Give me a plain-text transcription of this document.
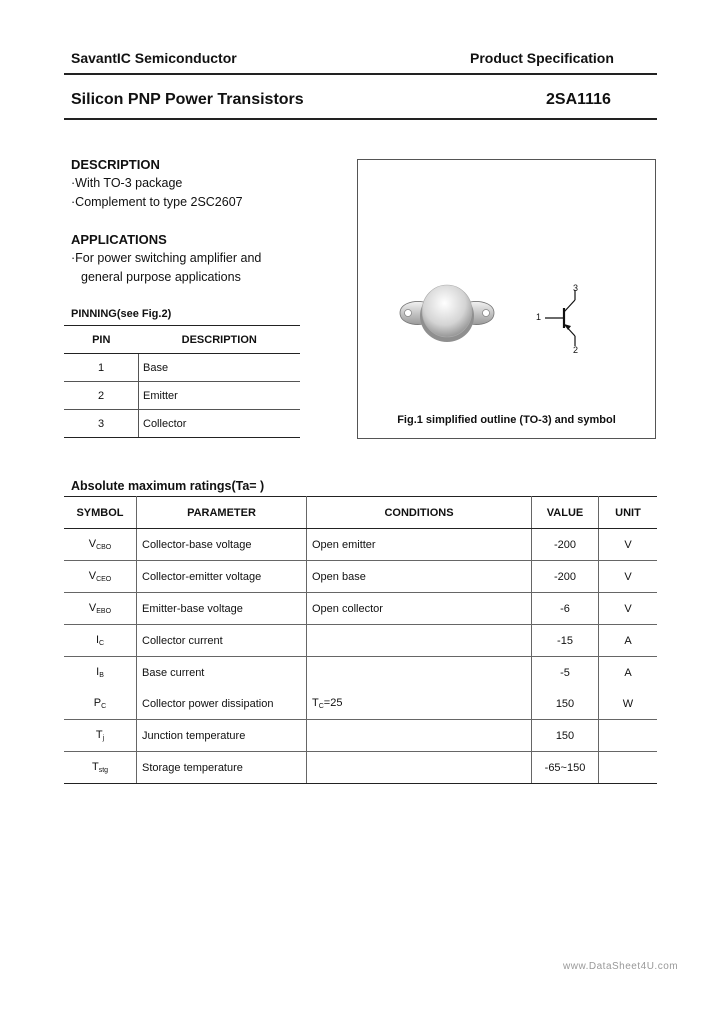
SavantIC Semiconductor	Product Specification
Silicon PNP Power Transistors	2SA1116
DESCRIPTION
·With TO-3 package
·Complement to type 2SC2607
APPLICATIONS
·For power switching amplifier and
general purpose applications
PINNING(see Fig.2)
PIN	DESCRIPTION
1	Base
2	Emitter
3	Collector
1
2
3
Fig.1 simplified outline (TO-3) and symbol
Absolute maximum ratings(Ta= )
SYMBOL	PARAMETER	CONDITIONS	VALUE	UNIT
$V_{CBO}$	Collector-base voltage	Open emitter	-200	V
$V_{CEO}$	Collector-emitter voltage	Open base	-200	V
$V_{EBO}$	Emitter-base voltage	Open collector	-6	V
$I_C$	Collector current		-15	A
$I_B$	Base current		-5	A
$P_C$	Collector power dissipation	$T_C=25$	150	W
$T_j$	Junction temperature		150	
$T_{stg}$	Storage temperature		-65~150	
www.DataSheet4U.com
